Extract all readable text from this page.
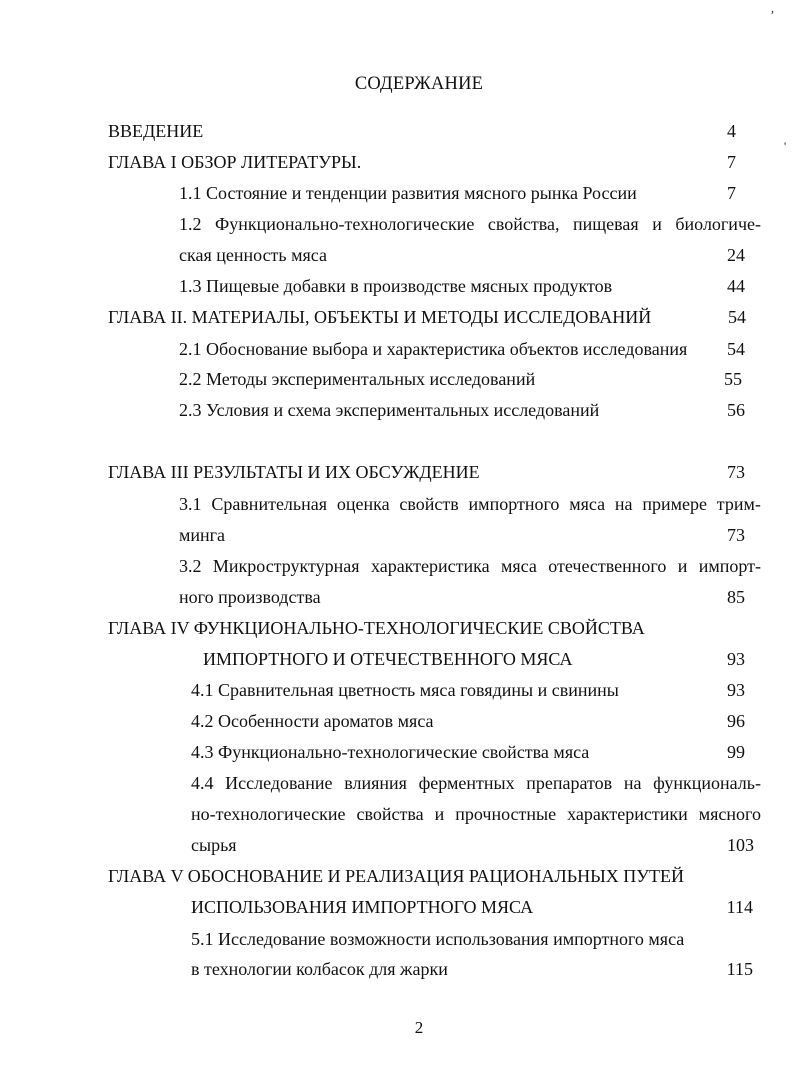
,
'
СОДЕРЖАНИЕ
ВВЕДЕНИЕ	4
ГЛАВА I ОБЗОР ЛИТЕРАТУРЫ.	7
1.1 Состояние и тенденции развития мясного рынка России	7
1.2 Функционально-технологические свойства, пищевая и биологиче-
ская ценность мяса	24
1.3 Пищевые добавки в производстве мясных продуктов	44
ГЛАВА II. МАТЕРИАЛЫ, ОБЪЕКТЫ И МЕТОДЫ ИССЛЕДОВАНИЙ	54
2.1 Обоснование выбора и характеристика объектов исследования	54
2.2 Методы экспериментальных исследований	55
2.3 Условия и схема экспериментальных исследований	56
ГЛАВА III РЕЗУЛЬТАТЫ И ИХ ОБСУЖДЕНИЕ	73
3.1 Сравнительная оценка свойств импортного мяса на примере трим-
минга	73
3.2 Микроструктурная характеристика мяса отечественного и импорт-
ного производства	85
ГЛАВА IV ФУНКЦИОНАЛЬНО-ТЕХНОЛОГИЧЕСКИЕ СВОЙСТВА
ИМПОРТНОГО И ОТЕЧЕСТВЕННОГО МЯСА	93
4.1 Сравнительная цветность мяса говядины и свинины	93
4.2 Особенности ароматов мяса	96
4.3 Функционально-технологические свойства мяса	99
4.4 Исследование влияния ферментных препаратов на функциональ-
но-технологические свойства и прочностные характеристики мясного
сырья	103
ГЛАВА V ОБОСНОВАНИЕ И РЕАЛИЗАЦИЯ РАЦИОНАЛЬНЫХ ПУТЕЙ
ИСПОЛЬЗОВАНИЯ ИМПОРТНОГО МЯСА	114
5.1 Исследование возможности использования импортного мяса
в технологии колбасок для жарки	115
2
